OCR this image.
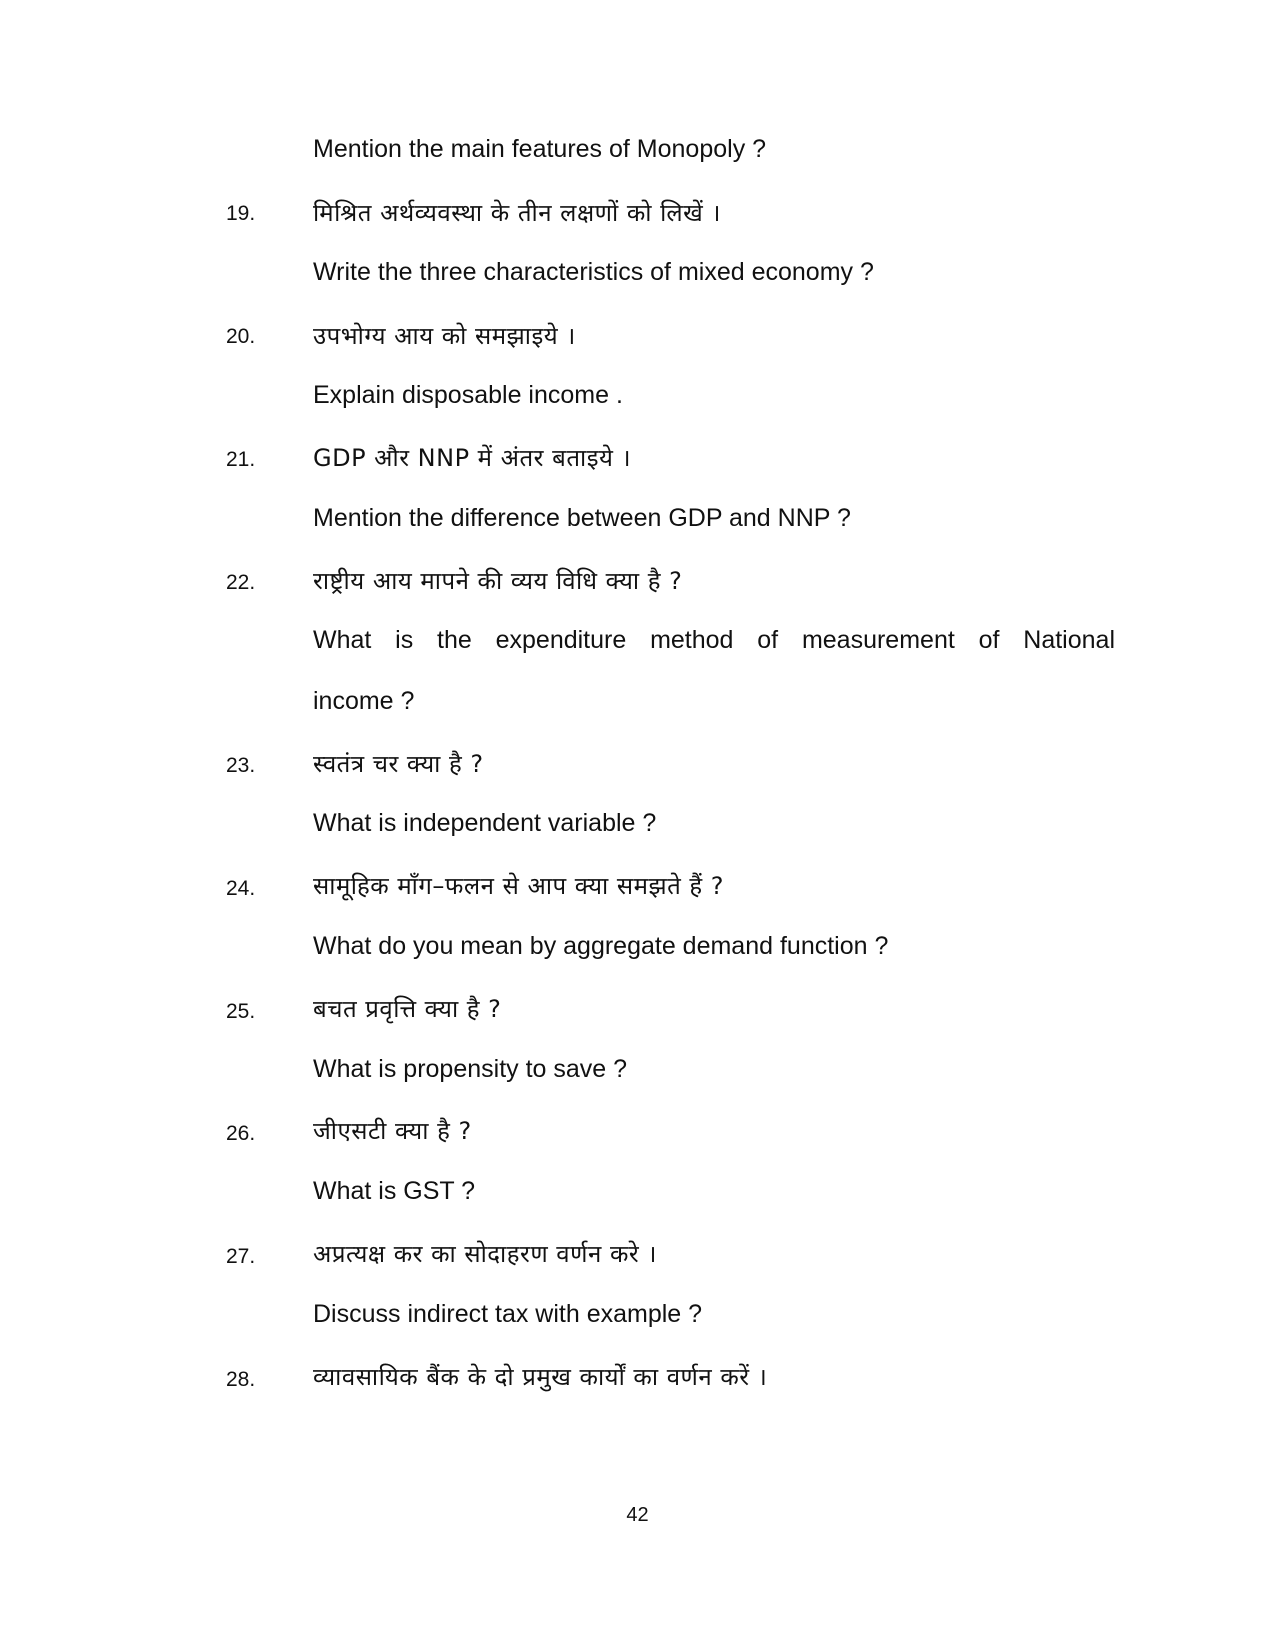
Mention the main features of Monopoly ?
19. मिश्रित अर्थव्यवस्था के तीन लक्षणों को लिखें ।
Write the three characteristics of mixed economy ?
20. उपभोग्य आय को समझाइये ।
Explain disposable income .
21. GDP और NNP में अंतर बताइये ।
Mention the difference between GDP and NNP ?
22. राष्ट्रीय आय मापने की व्यय विधि क्या है ?
What is the expenditure method of measurement of National
income ?
23. स्वतंत्र चर क्या है ?
What is independent variable ?
24. सामूहिक माँग–फलन से आप क्या समझते हैं ?
What do you mean by aggregate demand function ?
25. बचत प्रवृत्ति क्या है ?
What is propensity to save ?
26. जीएसटी क्या है ?
What is GST ?
27. अप्रत्यक्ष कर का सोदाहरण वर्णन करे ।
Discuss indirect tax with example ?
28. व्यावसायिक बैंक के दो प्रमुख कार्यों का वर्णन करें ।
42
